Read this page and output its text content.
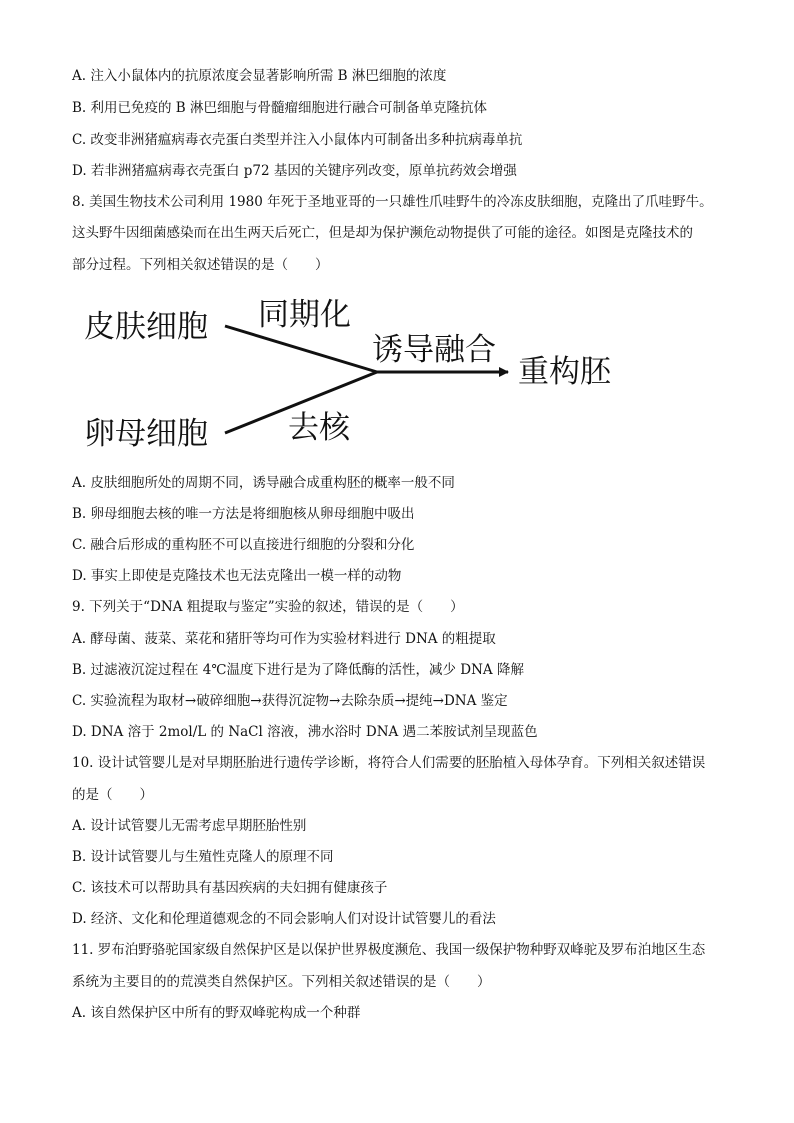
A. 注入小鼠体内的抗原浓度会显著影响所需 B 淋巴细胞的浓度
B. 利用已免疫的 B 淋巴细胞与骨髓瘤细胞进行融合可制备单克隆抗体
C. 改变非洲猪瘟病毒衣壳蛋白类型并注入小鼠体内可制备出多种抗病毒单抗
D. 若非洲猪瘟病毒衣壳蛋白 p72 基因的关键序列改变，原单抗药效会增强
8. 美国生物技术公司利用 1980 年死于圣地亚哥的一只雄性爪哇野牛的冷冻皮肤细胞，克隆出了爪哇野牛。
这头野牛因细菌感染而在出生两天后死亡，但是却为保护濒危动物提供了可能的途径。如图是克隆技术的
部分过程。下列相关叙述错误的是（　　）
皮肤细胞 同期化
诱导融合
重构胚
卵母细胞	去核
A. 皮肤细胞所处的周期不同，诱导融合成重构胚的概率一般不同
B. 卵母细胞去核的唯一方法是将细胞核从卵母细胞中吸出
C. 融合后形成的重构胚不可以直接进行细胞的分裂和分化
D. 事实上即使是克隆技术也无法克隆出一模一样的动物
9. 下列关于“DNA 粗提取与鉴定”实验的叙述，错误的是（　　）
A. 酵母菌、菠菜、菜花和猪肝等均可作为实验材料进行 DNA 的粗提取
B. 过滤液沉淀过程在 4℃温度下进行是为了降低酶的活性，减少 DNA 降解
C. 实验流程为取材→破碎细胞→获得沉淀物→去除杂质→提纯→DNA 鉴定
D. DNA 溶于 2mol/L 的 NaCl 溶液，沸水浴时 DNA 遇二苯胺试剂呈现蓝色
10. 设计试管婴儿是对早期胚胎进行遗传学诊断，将符合人们需要的胚胎植入母体孕育。下列相关叙述错误
的是（　　）
A. 设计试管婴儿无需考虑早期胚胎性别
B. 设计试管婴儿与生殖性克隆人的原理不同
C. 该技术可以帮助具有基因疾病的夫妇拥有健康孩子
D. 经济、文化和伦理道德观念的不同会影响人们对设计试管婴儿的看法
11. 罗布泊野骆驼国家级自然保护区是以保护世界极度濒危、我国一级保护物种野双峰驼及罗布泊地区生态
系统为主要目的的荒漠类自然保护区。下列相关叙述错误的是（　　）
A. 该自然保护区中所有的野双峰驼构成一个种群
